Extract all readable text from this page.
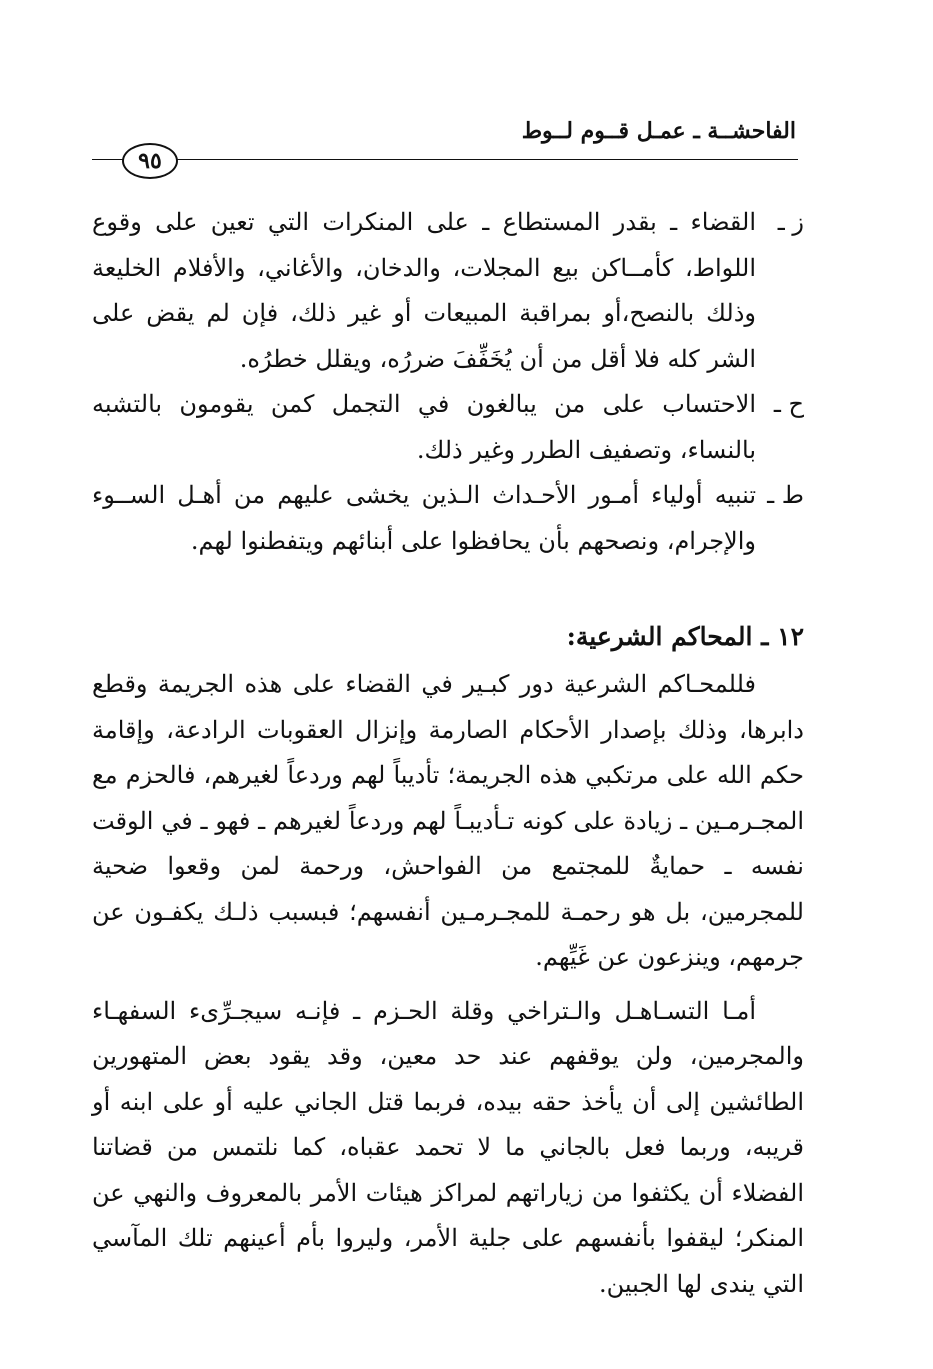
الفاحشــة ـ عمـل قــوم لــوط
٩٥
ز ـ
القضاء ـ بقدر المستطاع ـ على المنكرات التي تعين على وقوع اللواط، كأمــاكن بيع المجلات، والدخان، والأغاني، والأفلام الخليعة وذلك بالنصح،أو بمراقبة المبيعات أو غير ذلك، فإن لم يقض على الشر كله فلا أقل من أن يُخَفِّفَ ضررُه، ويقلل خطرُه.
ح ـ
الاحتساب على من يبالغون في التجمل كمن يقومون بالتشبه بالنساء، وتصفيف الطرر وغير ذلك.
ط ـ
تنبيه أولياء أمـور الأحـداث الـذين يخشى عليهم من أهـل الســوء والإجرام، ونصحهم بأن يحافظوا على أبنائهم ويتفطنوا لهم.
١٢ ـ المحاكم الشرعية:

فللمحـاكم الشرعية دور كبـير في القضاء على هذه الجريمة وقطع دابرها، وذلك بإصدار الأحكام الصارمة وإنزال العقوبات الرادعة، وإقامة حكم الله على مرتكبي هذه الجريمة؛ تأديباً لهم وردعاً لغيرهم، فالحزم مع المجـرمـين ـ زيادة على كونه تـأديبـاً لهم وردعاً لغيرهم ـ فهو ـ في الوقت نفسه ـ حمايةٌ للمجتمع من الفواحش، ورحمة لمن وقعوا ضحية للمجرمين، بل هو رحمـة للمجـرمـين أنفسهم؛ فبسبب ذلـك يكفـون عن جرمهم، وينزعون عن غَيِّهم.

أمـا التسـاهـل والـتراخي وقلة الحـزم ـ فإنـه سيجـرِّىء السفهـاء والمجرمين، ولن يوقفهم عند حد معين، وقد يقود بعض المتهورين الطائشين إلى أن يأخذ حقه بيده، فربما قتل الجاني عليه أو على ابنه أو قريبه، وربما فعل بالجاني ما لا تحمد عقباه، كما نلتمس من قضاتنا الفضلاء أن يكثفوا من زياراتهم لمراكز هيئات الأمر بالمعروف والنهي عن المنكر؛ ليقفوا بأنفسهم على جلية الأمر، وليروا بأم أعينهم تلك المآسي التي يندى لها الجبين.
